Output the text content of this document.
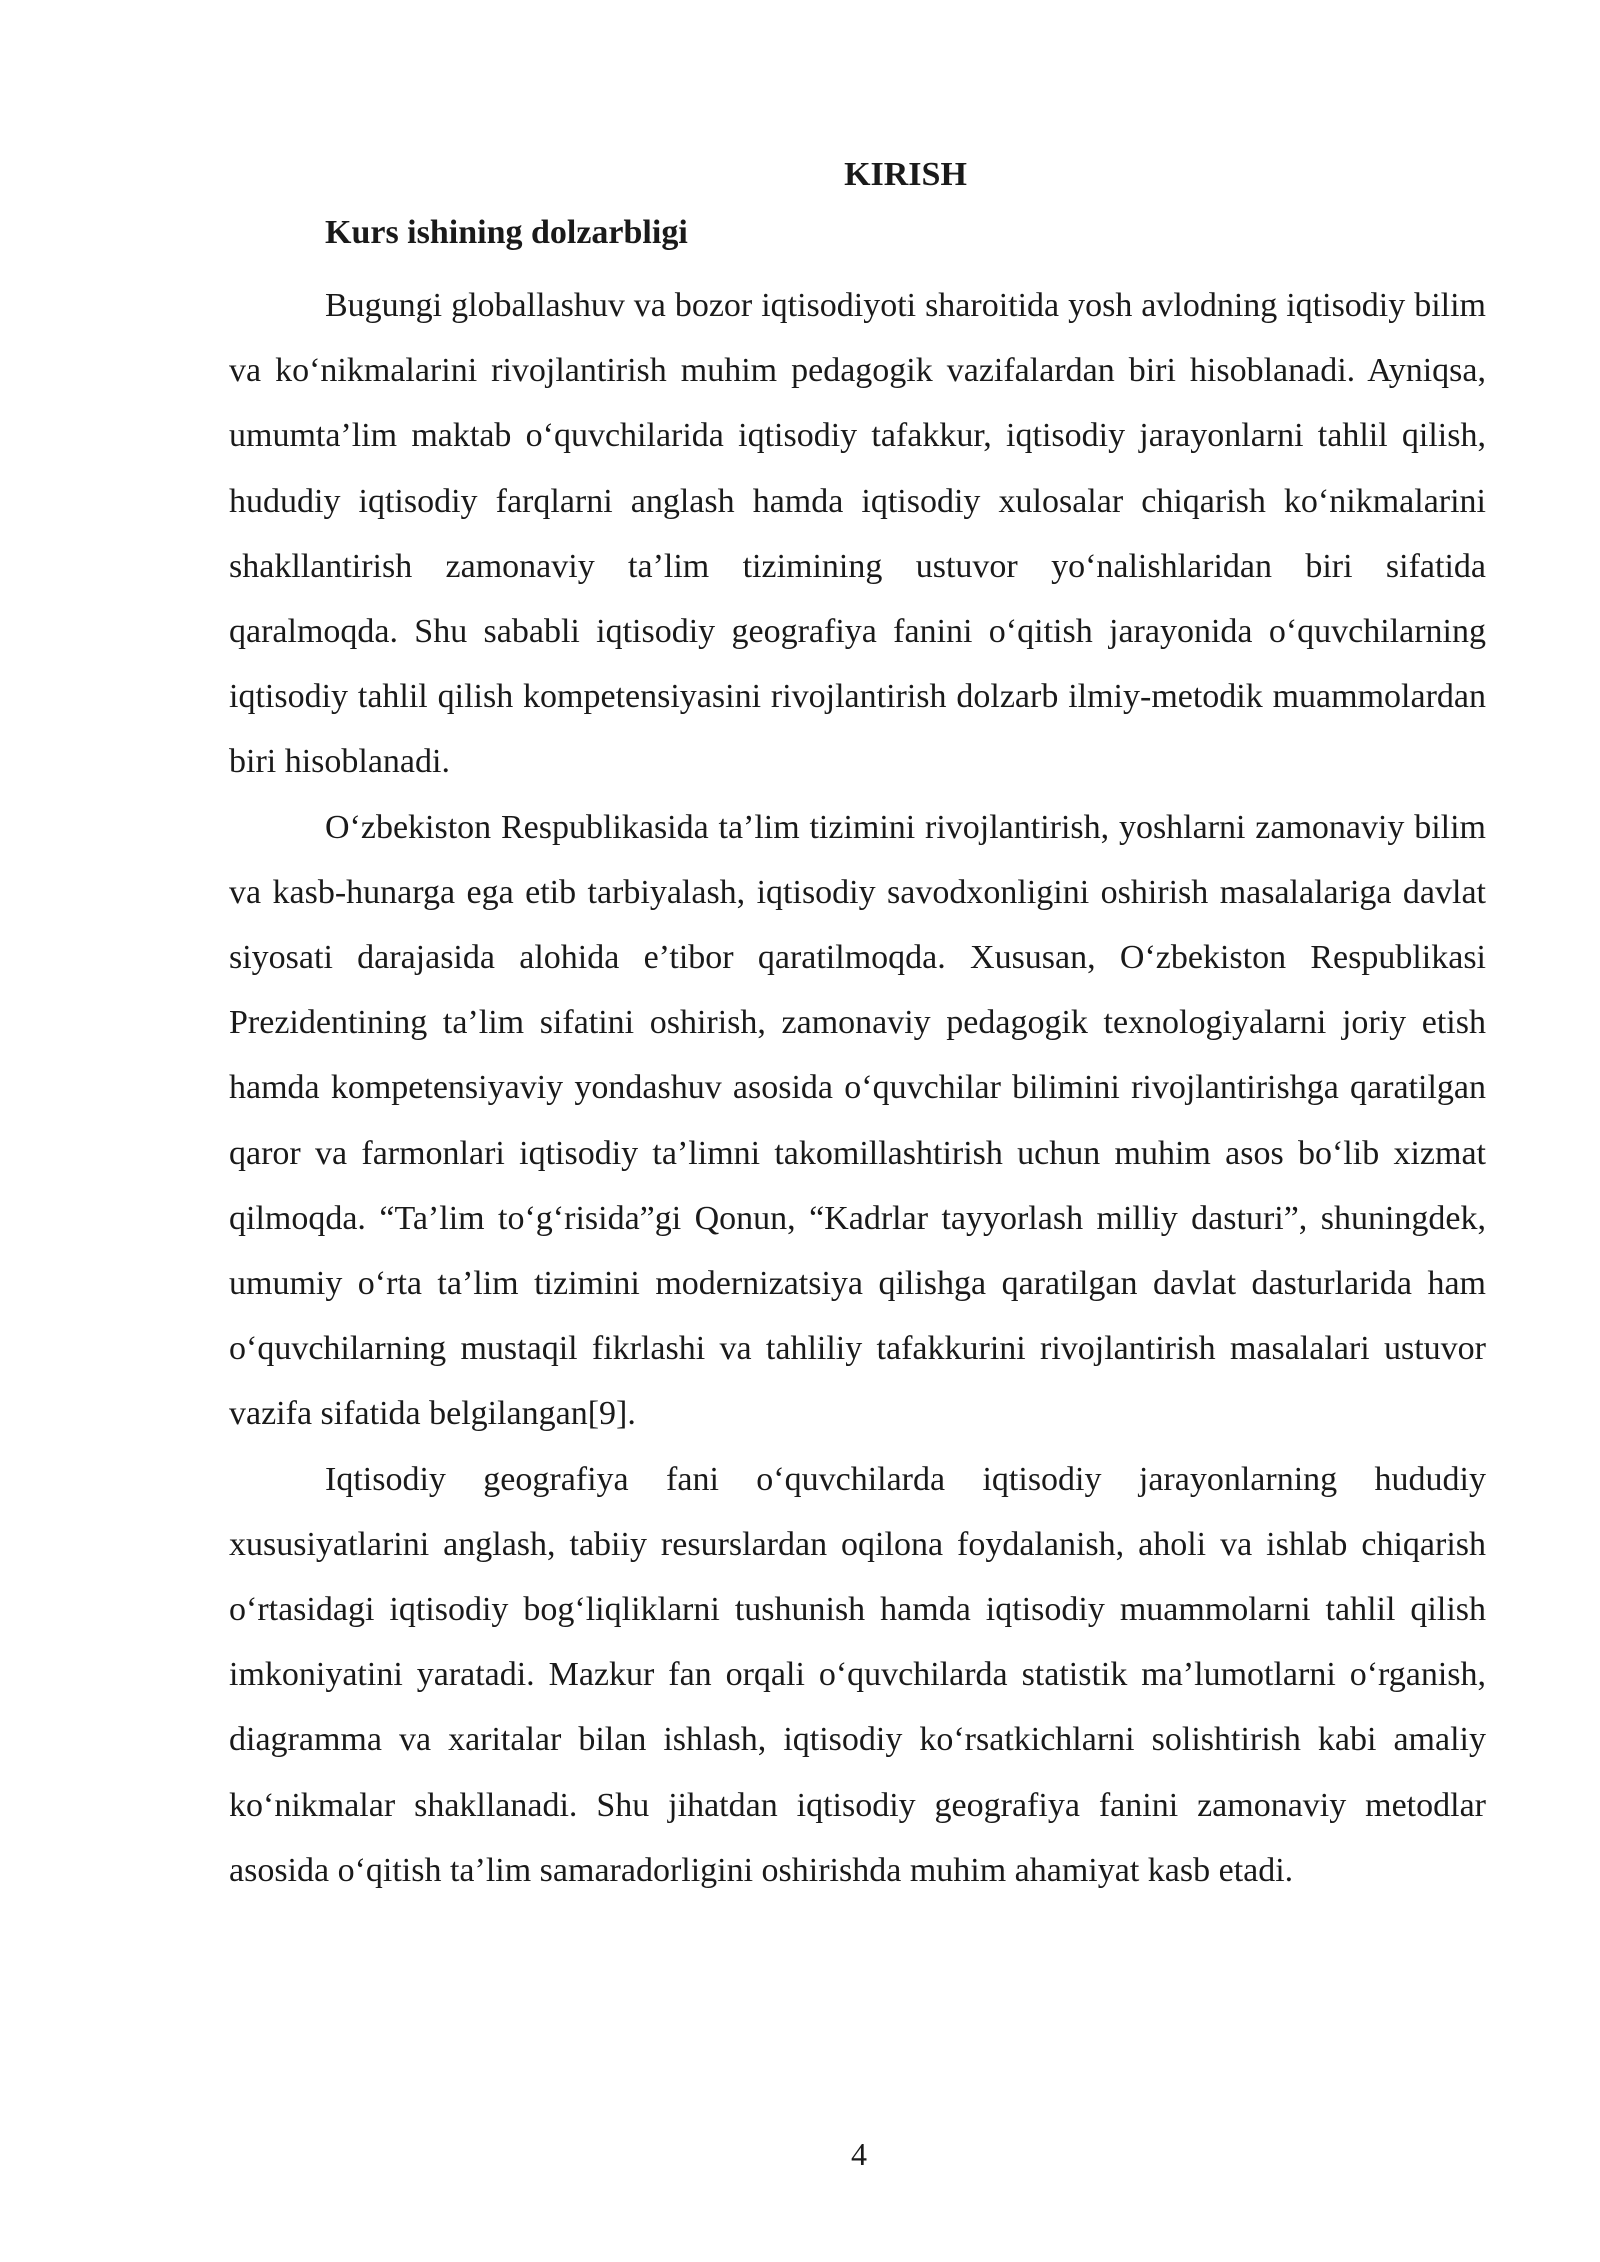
KIRISH
Kurs ishining dolzarbligi

Bugungi globallashuv va bozor iqtisodiyoti sharoitida yosh avlodning iqtisodiy bilim va ko‘nikmalarini rivojlantirish muhim pedagogik vazifalardan biri hisoblanadi. Ayniqsa, umumta’lim maktab o‘quvchilarida iqtisodiy tafakkur, iqtisodiy jarayonlarni tahlil qilish, hududiy iqtisodiy farqlarni anglash hamda iqtisodiy xulosalar chiqarish ko‘nikmalarini shakllantirish zamonaviy ta’lim tizimining ustuvor yo‘nalishlaridan biri sifatida qaralmoqda. Shu sababli iqtisodiy geografiya fanini o‘qitish jarayonida o‘quvchilarning iqtisodiy tahlil qilish kompetensiyasini rivojlantirish dolzarb ilmiy-metodik muammolardan biri hisoblanadi.

O‘zbekiston Respublikasida ta’lim tizimini rivojlantirish, yoshlarni zamonaviy bilim va kasb-hunarga ega etib tarbiyalash, iqtisodiy savodxonligini oshirish masalalariga davlat siyosati darajasida alohida e’tibor qaratilmoqda. Xususan, O‘zbekiston Respublikasi Prezidentining ta’lim sifatini oshirish, zamonaviy pedagogik texnologiyalarni joriy etish hamda kompetensiyaviy yondashuv asosida o‘quvchilar bilimini rivojlantirishga qaratilgan qaror va farmonlari iqtisodiy ta’limni takomillashtirish uchun muhim asos bo‘lib xizmat qilmoqda. “Ta’lim to‘g‘risida”gi Qonun, “Kadrlar tayyorlash milliy dasturi”, shuningdek, umumiy o‘rta ta’lim tizimini modernizatsiya qilishga qaratilgan davlat dasturlarida ham o‘quvchilarning mustaqil fikrlashi va tahliliy tafakkurini rivojlantirish masalalari ustuvor vazifa sifatida belgilangan[9].

Iqtisodiy geografiya fani o‘quvchilarda iqtisodiy jarayonlarning hududiy xususiyatlarini anglash, tabiiy resurslardan oqilona foydalanish, aholi va ishlab chiqarish o‘rtasidagi iqtisodiy bog‘liqliklarni tushunish hamda iqtisodiy muammolarni tahlil qilish imkoniyatini yaratadi. Mazkur fan orqali o‘quvchilarda statistik ma’lumotlarni o‘rganish, diagramma va xaritalar bilan ishlash, iqtisodiy ko‘rsatkichlarni solishtirish kabi amaliy ko‘nikmalar shakllanadi. Shu jihatdan iqtisodiy geografiya fanini zamonaviy metodlar asosida o‘qitish ta’lim samaradorligini oshirishda muhim ahamiyat kasb etadi.

4
